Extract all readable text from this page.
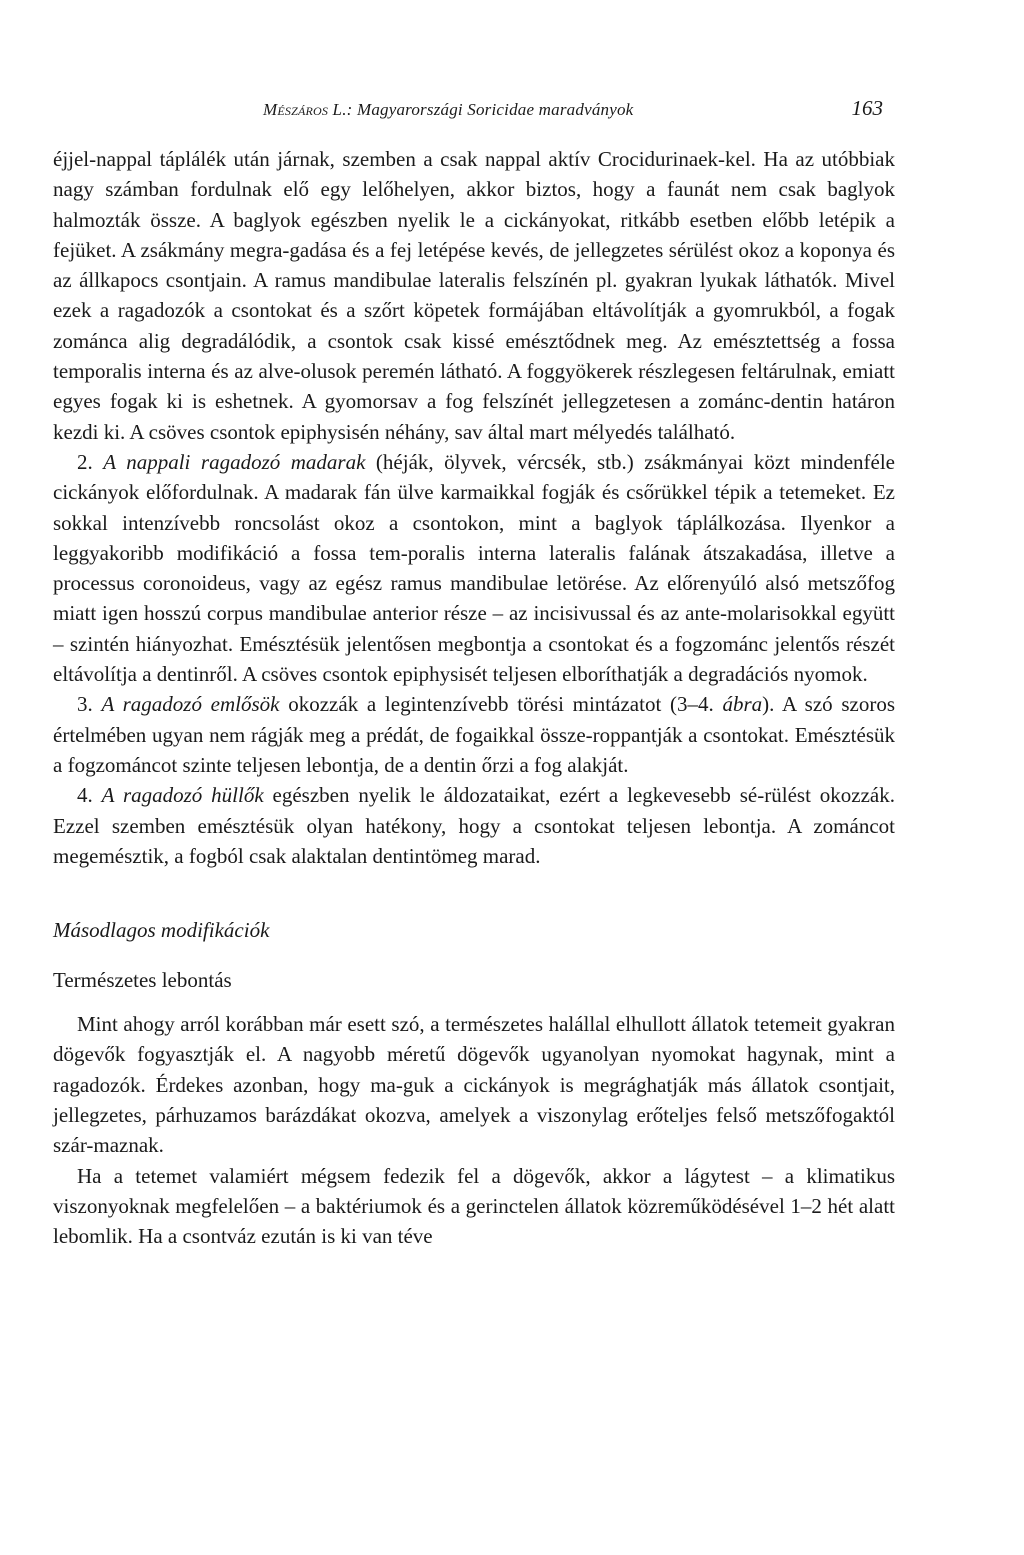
Mészáros L.: Magyarországi Soricidae maradványok	163

éjjel-nappal táplálék után járnak, szemben a csak nappal aktív Crocidurinaek-kel. Ha az utóbbiak nagy számban fordulnak elő egy lelőhelyen, akkor biztos, hogy a faunát nem csak baglyok halmozták össze. A baglyok egészben nyelik le a cickányokat, ritkább esetben előbb letépik a fejüket. A zsákmány megra-gadása és a fej letépése kevés, de jellegzetes sérülést okoz a koponya és az állkapocs csontjain. A ramus mandibulae lateralis felszínén pl. gyakran lyukak láthatók. Mivel ezek a ragadozók a csontokat és a szőrt köpetek formájában eltávolítják a gyomrukból, a fogak zománca alig degradálódik, a csontok csak kissé emésztődnek meg. Az emésztettség a fossa temporalis interna és az alve-olusok peremén látható. A foggyökerek részlegesen feltárulnak, emiatt egyes fogak ki is eshetnek. A gyomorsav a fog felszínét jellegzetesen a zománc-dentin határon kezdi ki. A csöves csontok epiphysisén néhány, sav által mart mélyedés található.

2. A nappali ragadozó madarak (héják, ölyvek, vércsék, stb.) zsákmányai közt mindenféle cickányok előfordulnak. A madarak fán ülve karmaikkal fogják és csőrükkel tépik a tetemeket. Ez sokkal intenzívebb roncsolást okoz a csontokon, mint a baglyok táplálkozása. Ilyenkor a leggyakoribb modifikáció a fossa tem-poralis interna lateralis falának átszakadása, illetve a processus coronoideus, vagy az egész ramus mandibulae letörése. Az előrenyúló alsó metszőfog miatt igen hosszú corpus mandibulae anterior része – az incisivussal és az ante-molarisokkal együtt – szintén hiányozhat. Emésztésük jelentősen megbontja a csontokat és a fogzománc jelentős részét eltávolítja a dentinről. A csöves csontok epiphysisét teljesen elboríthatják a degradációs nyomok.

3. A ragadozó emlősök okozzák a legintenzívebb törési mintázatot (3–4. ábra). A szó szoros értelmében ugyan nem rágják meg a prédát, de fogaikkal össze-roppantják a csontokat. Emésztésük a fogzománcot szinte teljesen lebontja, de a dentin őrzi a fog alakját.

4. A ragadozó hüllők egészben nyelik le áldozataikat, ezért a legkevesebb sé-rülést okozzák. Ezzel szemben emésztésük olyan hatékony, hogy a csontokat teljesen lebontja. A zománcot megemésztik, a fogból csak alaktalan dentintömeg marad.

Másodlagos modifikációk
Természetes lebontás

Mint ahogy arról korábban már esett szó, a természetes halállal elhullott állatok tetemeit gyakran dögevők fogyasztják el. A nagyobb méretű dögevők ugyanolyan nyomokat hagynak, mint a ragadozók. Érdekes azonban, hogy ma-guk a cickányok is megrághatják más állatok csontjait, jellegzetes, párhuzamos barázdákat okozva, amelyek a viszonylag erőteljes felső metszőfogaktól szár-maznak.

Ha a tetemet valamiért mégsem fedezik fel a dögevők, akkor a lágytest – a klimatikus viszonyoknak megfelelően – a baktériumok és a gerinctelen állatok közreműködésével 1–2 hét alatt lebomlik. Ha a csontváz ezután is ki van téve
